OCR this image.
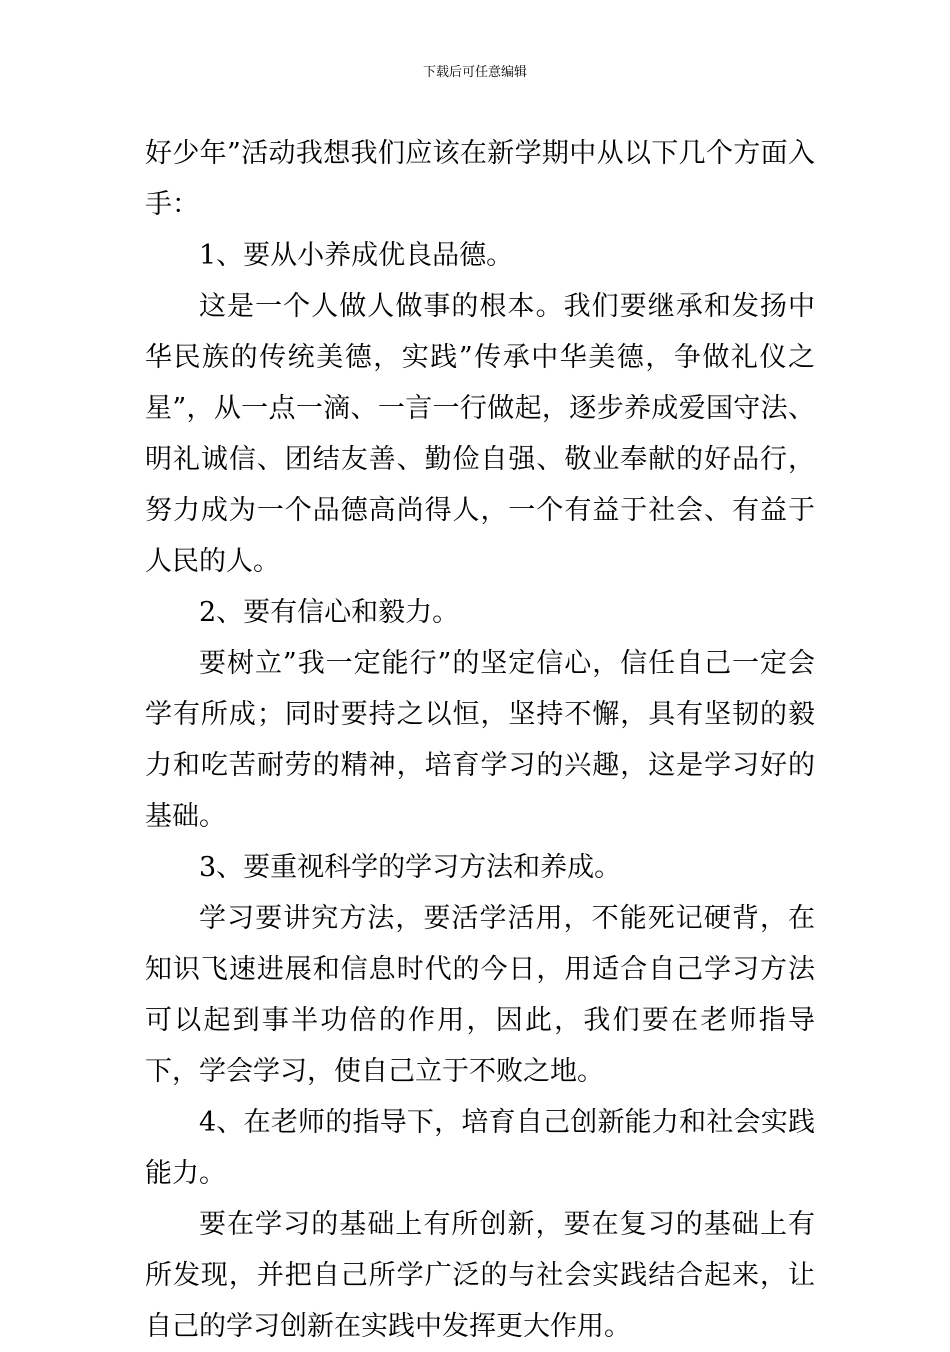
下载后可任意编辑

好少年”活动我想我们应该在新学期中从以下几个方面入手：

1、要从小养成优良品德。

这是一个人做人做事的根本。我们要继承和发扬中华民族的传统美德，实践”传承中华美德，争做礼仪之星”，从一点一滴、一言一行做起，逐步养成爱国守法、明礼诚信、团结友善、勤俭自强、敬业奉献的好品行，努力成为一个品德高尚得人，一个有益于社会、有益于人民的人。

2、要有信心和毅力。

要树立”我一定能行”的坚定信心，信任自己一定会学有所成；同时要持之以恒，坚持不懈，具有坚韧的毅力和吃苦耐劳的精神，培育学习的兴趣，这是学习好的基础。

3、要重视科学的学习方法和养成。

学习要讲究方法，要活学活用，不能死记硬背，在知识飞速进展和信息时代的今日，用适合自己学习方法可以起到事半功倍的作用，因此，我们要在老师指导下，学会学习，使自己立于不败之地。

4、在老师的指导下，培育自己创新能力和社会实践能力。

要在学习的基础上有所创新，要在复习的基础上有所发现，并把自己所学广泛的与社会实践结合起来，让自己的学习创新在实践中发挥更大作用。
